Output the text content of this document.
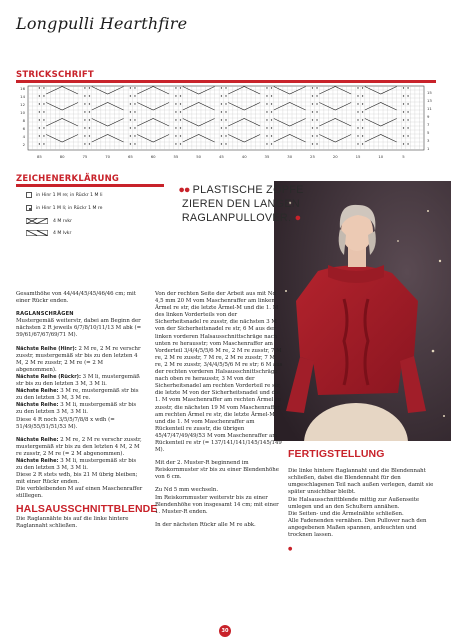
Longpulli Hearthfire
STRICKSCHRIFT
16
14
12
10
8
6
4
2
15
13
11
9
7
5
3
1
85	80	75	70	65	60	55	50	45	40	35	30	25	20	15	10	5
ZEICHENERKLÄRUNG
in Hinr 1 M re; in Rückr 1 M li
in Hinr 1 M li; in Rückr 1 M re
4 M rvkr
4 M lvkr
●● PLASTISCHE ZÖPFE ZIEREN DEN LANGEN RAGLANPULLOVER. ●

Gesamthöhe von 44/44/45/45/46/46 cm; mit einer Rückr enden.

RAGLANSCHRÄGEN

Mustergemäß weiterstr, dabei am Beginn der nächsten 2 R jeweils 6/7/8/10/11/13 M abk (= 59/61/67/67/69/71 M).

Nächste Reihe (Hinr): 2 M re, 2 M re verschr zusstr, mustergemäß str bis zu den letzten 4 M, 2 M re zusstr, 2 M re (= 2 M abgenommen).

Nächste Reihe (Rückr): 3 M li, mustergemäß str bis zu den letzten 3 M, 3 M li.

Nächste Reihe: 3 M re, mustergemäß str bis zu den letzten 3 M, 3 M re.

Nächste Reihe: 3 M li, mustergemäß str bis zu den letzten 3 M, 3 M li.

Diese 4 R noch 3/5/5/7/8/8 x wdh (= 51/49/55/51/51/53 M).

Nächste Reihe: 2 M re, 2 M re verschr zusstr, mustergemäß str bis zu den letzten 4 M, 2 M re zusstr, 2 M re (= 2 M abgenommen).

Nächste Reihe: 3 M li, mustergemäß str bis zu den letzten 3 M, 3 M li.

Diese 2 R stets wdh, bis 21 M übrig bleiben; mit einer Rückr enden.

Die verbleibenden M auf einen Maschenraffer stilllegen.

HALSAUSSCHNITTBLENDE

Die Raglannähte bis auf die linke hintere Raglannaht schließen.

Von der rechten Seite der Arbeit aus mit Nd 4,5 mm 20 M vom Maschenraffer am linken Ärmel re str, die letzte Ärmel-M und die 1. M des linken Vorderteils von der Sicherheitsnadel re zusstr, die nächsten 3 M von der Sicherheitsnadel re str, 6 M aus der linken vorderen Halsausschnittschräge nach unten re herausstr; vom Maschenraffer am Vorderteil 3/4/4/5/5/6 M re, 2 M re zusstr, 7 M re, 2 M re zusstr, 7 M re, 2 M re zusstr, 7 M re, 2 M re zusstr, 3/4/4/5/5/6 M re str; 6 M aus der rechten vorderen Halsausschnittschräge nach oben re herausstr, 3 M von der Sicherheitsnadel am rechten Vorderteil re str, die letzte M von der Sicherheitsnadel und die 1. M vom Maschenraffer am rechten Ärmel re zusstr, die nächsten 19 M vom Maschenraffer am rechten Ärmel re str, die letzte Ärmel-M und die 1. M vom Maschenraffer am Rückenteil re zusstr, die übrigen 45/47/47/49/49/53 M vom Maschenraffer am Rückenteil re str (= 137/141/141/145/145/149 M).

Mit der 2. Muster-R beginnend im Reiskornmuster str bis zu einer Blendenhöhe von 6 cm.

Zu Nd 5 mm wechseln.

Im Reiskornmuster weiterstr bis zu einer Blendenhöhe von insgesamt 14 cm; mit einer 1. Muster-R enden.

In der nächsten Rückr alle M re abk.

FERTIGSTELLUNG

Die linke hintere Raglannaht und die Blendennaht schließen, dabei die Blendennaht für den umgeschlagenen Teil nach außen verlegen, damit sie später unsichtbar bleibt.
Die Halsausschnittblende mittig zur Außenseite umlegen und an den Schultern annähen.
Die Seiten- und die Ärmelnähte schließen.
Alle Fadenenden vernähen. Den Pullover nach den angegebenen Maßen spannen, anfeuchten und trocknen lassen.

●

30
